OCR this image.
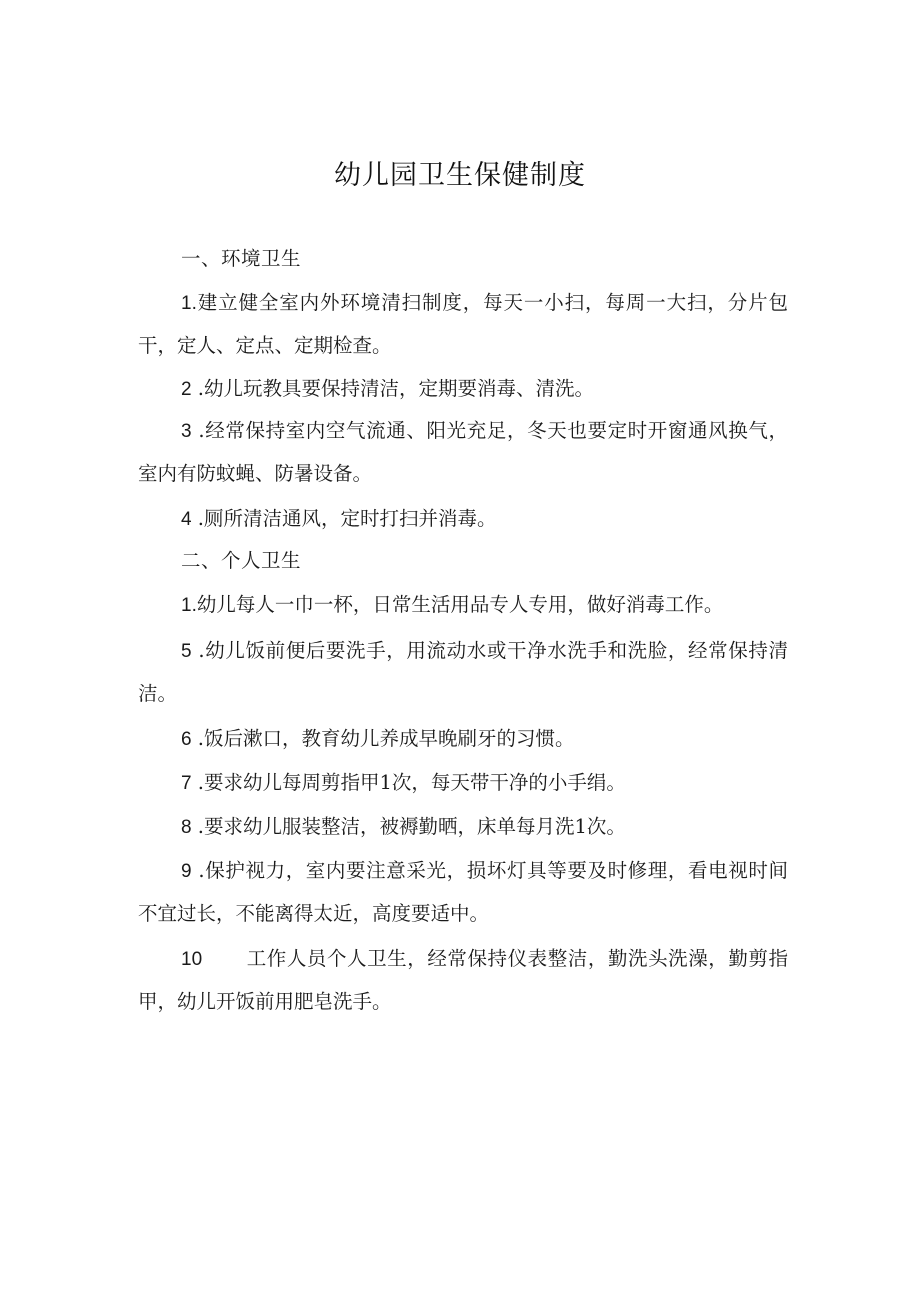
幼儿园卫生保健制度

一、环境卫生

1.建立健全室内外环境清扫制度，每天一小扫，每周一大扫，分片包干，定人、定点、定期检查。

2 .幼儿玩教具要保持清洁，定期要消毒、清洗。

3 .经常保持室内空气流通、阳光充足，冬天也要定时开窗通风换气，室内有防蚊蝇、防暑设备。

4 .厕所清洁通风，定时打扫并消毒。

二、个人卫生

1.幼儿每人一巾一杯，日常生活用品专人专用，做好消毒工作。

5 .幼儿饭前便后要洗手，用流动水或干净水洗手和洗脸，经常保持清洁。

6 .饭后漱口，教育幼儿养成早晚刷牙的习惯。

7 .要求幼儿每周剪指甲1次，每天带干净的小手绢。

8 .要求幼儿服装整洁，被褥勤晒，床单每月洗1次。

9 .保护视力，室内要注意采光，损坏灯具等要及时修理，看电视时间不宜过长，不能离得太近，高度要适中。

10 工作人员个人卫生，经常保持仪表整洁，勤洗头洗澡，勤剪指甲，幼儿开饭前用肥皂洗手。
